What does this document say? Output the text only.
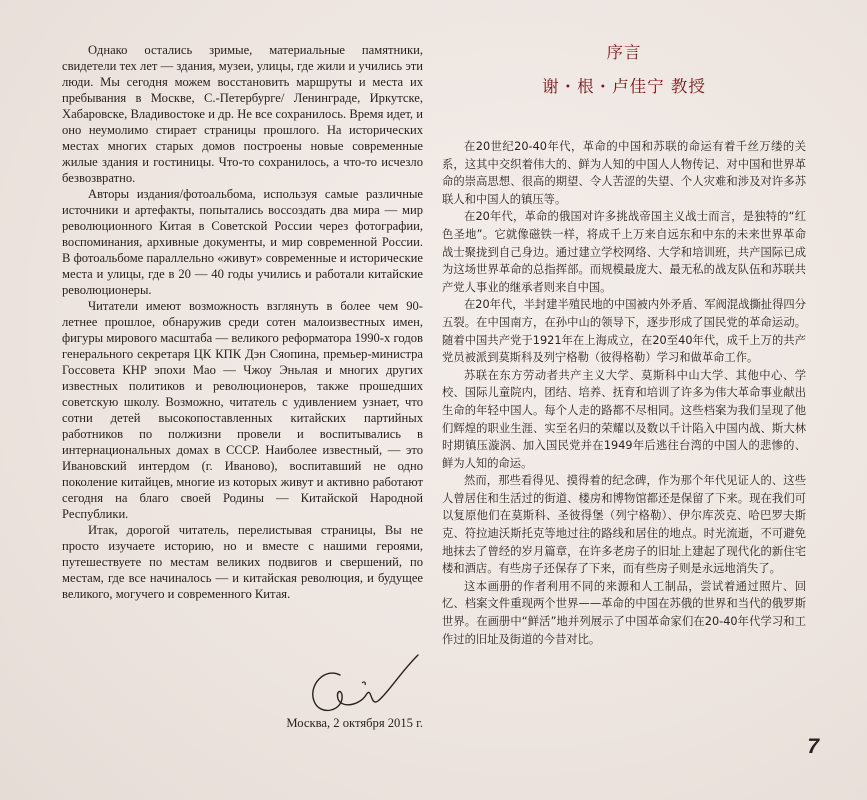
Однако остались зримые, материальные памятники, свидетели тех лет — здания, музеи, улицы, где жили и учились эти люди. Мы сегодня можем восстановить маршруты и места их пребывания в Москве, С.-Петербурге/ Ленинграде, Иркутске, Хабаровске, Владивостоке и др. Не все сохранилось. Время идет, и оно неумолимо стирает страницы прошлого. На исторических местах многих старых домов построены новые современные жилые здания и гостиницы. Что-то сохранилось, а что-то исчезло безвозвратно.

Авторы издания/фотоальбома, используя самые различные источники и артефакты, попытались воссоздать два мира — мир революционного Китая в Советской России через фотографии, воспоминания, архивные документы, и мир современной России. В фотоальбоме параллельно «живут» современные и исторические места и улицы, где в 20 — 40 годы учились и работали китайские революционеры.

Читатели имеют возможность взглянуть в более чем 90-летнее прошлое, обнаружив среди сотен малоизвестных имен, фигуры мирового масштаба — великого реформатора 1990-х годов генерального секретаря ЦК КПК Дэн Сяопина, премьер-министра Госсовета КНР эпохи Мао — Чжоу Эньлая и многих других известных политиков и революционеров, также прошедших советскую школу. Возможно, читатель с удивлением узнает, что сотни детей высокопоставленных китайских партийных работников по полжизни провели и воспитывались в интернациональных домах в СССР. Наиболее известный, — это Ивановский интердом (г. Иваново), воспитавший не одно поколение китайцев, многие из которых живут и активно работают сегодня на благо своей Родины — Китайской Народной Республики.

Итак, дорогой читатель, перелистывая страницы, Вы не просто изучаете историю, но и вместе с нашими героями, путешествуете по местам великих подвигов и свершений, по местам, где все начиналось — и китайская революция, и будущее великого, могучего и современного Китая.

Москва, 2 октября 2015 г.
序言
谢・根・卢佳宁 教授

在20世纪20-40年代，革命的中国和苏联的命运有着千丝万缕的关系，这其中交织着伟大的、鲜为人知的中国人人物传记、对中国和世界革命的崇高思想、很高的期望、令人苦涩的失望、个人灾难和涉及对许多苏联人和中国人的镇压等。

在20年代，革命的俄国对许多挑战帝国主义战士而言，是独特的“红色圣地”。它就像磁铁一样，将成千上万来自远东和中东的未来世界革命战士聚拢到自己身边。通过建立学校网络、大学和培训班，共产国际已成为这场世界革命的总指挥部。而规模最庞大、最无私的战友队伍和苏联共产党人事业的继承者则来自中国。

在20年代，半封建半殖民地的中国被内外矛盾、军阀混战撕扯得四分五裂。在中国南方，在孙中山的领导下，逐步形成了国民党的革命运动。随着中国共产党于1921年在上海成立，在20至40年代，成千上万的共产党员被派到莫斯科及列宁格勒（彼得格勒）学习和做革命工作。

苏联在东方劳动者共产主义大学、莫斯科中山大学、其他中心、学校、国际儿童院内，团结、培养、抚育和培训了许多为伟大革命事业献出生命的年轻中国人。每个人走的路都不尽相同。这些档案为我们呈现了他们辉煌的职业生涯、实至名归的荣耀以及数以千计陷入中国内战、斯大林时期镇压漩涡、加入国民党并在1949年后逃往台湾的中国人的悲惨的、鲜为人知的命运。

然而，那些看得见、摸得着的纪念碑，作为那个年代见证人的、这些人曾居住和生活过的街道、楼房和博物馆都还是保留了下来。现在我们可以复原他们在莫斯科、圣彼得堡（列宁格勒）、伊尔库茨克、哈巴罗夫斯克、符拉迪沃斯托克等地过往的路线和居住的地点。时光流逝，不可避免地抹去了曾经的岁月篇章，在许多老房子的旧址上建起了现代化的新住宅楼和酒店。有些房子还保存了下来，而有些房子则是永远地消失了。

这本画册的作者利用不同的来源和人工制品，尝试着通过照片、回忆、档案文件重现两个世界——革命的中国在苏俄的世界和当代的俄罗斯世界。在画册中“鲜活”地并列展示了中国革命家们在20-40年代学习和工作过的旧址及街道的今昔对比。

7
